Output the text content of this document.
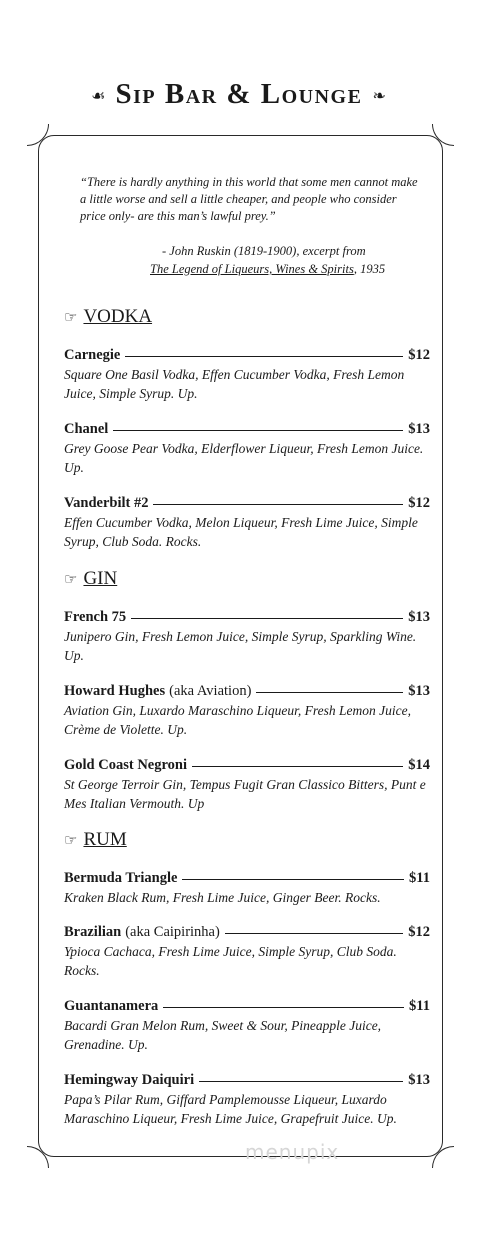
☙ Sip Bar & Lounge ❧
“There is hardly anything in this world that some men cannot make a little worse and sell a little cheaper, and people who consider price only- are this man’s lawful prey.”
- John Ruskin (1819-1900), excerpt from
The Legend of Liqueurs, Wines & Spirits, 1935
☞ VODKA
Carnegie	$12
Square One Basil Vodka, Effen Cucumber Vodka, Fresh Lemon Juice, Simple Syrup. Up.
Chanel	$13
Grey Goose Pear Vodka, Elderflower Liqueur, Fresh Lemon Juice. Up.
Vanderbilt #2	$12
Effen Cucumber Vodka, Melon Liqueur, Fresh Lime Juice, Simple Syrup, Club Soda. Rocks.
☞ GIN
French 75	$13
Junipero Gin, Fresh Lemon Juice, Simple Syrup, Sparkling Wine. Up.
Howard Hughes (aka Aviation)	$13
Aviation Gin, Luxardo Maraschino Liqueur, Fresh Lemon Juice, Crème de Violette. Up.
Gold Coast Negroni	$14
St George Terroir Gin, Tempus Fugit Gran Classico Bitters, Punt e Mes Italian Vermouth. Up
☞ RUM
Bermuda Triangle	$11
Kraken Black Rum, Fresh Lime Juice, Ginger Beer. Rocks.
Brazilian (aka Caipirinha)	$12
Ypioca Cachaca, Fresh Lime Juice, Simple Syrup, Club Soda. Rocks.
Guantanamera	$11
Bacardi Gran Melon Rum, Sweet & Sour, Pineapple Juice, Grenadine. Up.
Hemingway Daiquiri	$13
Papa’s Pilar Rum, Giffard Pamplemousse Liqueur, Luxardo Maraschino Liqueur, Fresh Lime Juice, Grapefruit Juice. Up.
menupix
